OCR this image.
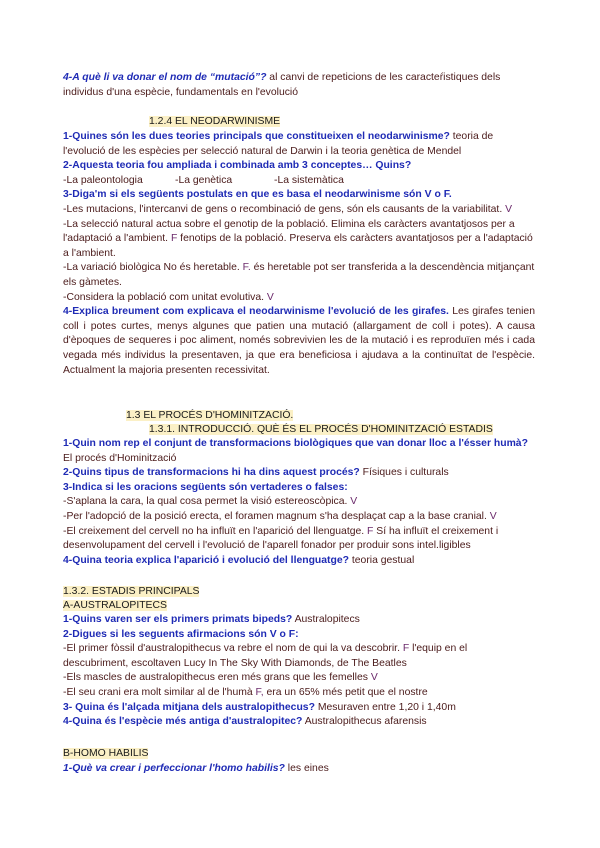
4-A què li va donar el nom de “mutació”? al canvi de repeticions de les caracteŕistiques dels individus d'una espècie, fundamentals en l'evolució
1.2.4 EL NEODARWINISME

1-Quines són les dues teories principals que constitueixen el neodarwinisme? teoria de l'evolució de les espècies per selecció natural de Darwin i la teoria genètica de Mendel

2-Aquesta teoria fou ampliada i combinada amb 3 conceptes… Quins?

-La paleontologia	-La genètica	-La sistemàtica

3-Diga'm si els següents postulats en que es basa el neodarwinisme són V o F.

-Les mutacions, l'intercanvi de gens o recombinació de gens, són els causants de la variabilitat. V

-La selecció natural actua sobre el genotip de la població. Elimina els caràcters avantatjosos per a l'adaptació a l'ambient. F fenotips de la població. Preserva els caràcters avantatjosos per a l'adaptació a l'ambient.

-La variació biològica No és heretable. F. és heretable pot ser transferida a la descendència mitjançant els gàmetes.

-Considera la població com unitat evolutiva. V

4-Explica breument com explicava el neodarwinisme l'evolució de les girafes. Les girafes tenien coll i potes curtes, menys algunes que patien una mutació (allargament de coll i potes). A causa d'èpoques de sequeres i poc aliment, només sobrevivien les de la mutació i es reproduïen més i cada vegada més individus la presentaven, ja que era beneficiosa i ajudava a la continuïtat de l'espècie. Actualment la majoria presenten recessivitat.

1.3 EL PROCÉS D'HOMINITZACIÓ.
1.3.1. INTRODUCCIÓ. QUÈ ÉS EL PROCÉS D'HOMINITZACIÓ ESTADIS

1-Quin nom rep el conjunt de transformacions biològiques que van donar lloc a l'ésser humà? El procés d'Hominització

2-Quins tipus de transformacions hi ha dins aquest procés? Físiques i culturals

3-Indica si les oracions següents són vertaderes o falses:

-S'aplana la cara, la qual cosa permet la visió estereoscòpica. V

-Per l'adopció de la posició erecta, el foramen magnum s'ha desplaçat cap a la base cranial. V

-El creixement del cervell no ha influït en l'aparició del llenguatge. F Sí ha influït el creixement i desenvolupament del cervell i l'evolució de l'aparell fonador per produir sons intel.ligibles

4-Quina teoria explica l'aparició i evolució del llenguatge? teoria gestual

1.3.2. ESTADIS PRINCIPALS
A-AUSTRALOPITECS

1-Quins varen ser els primers primats bipeds? Australopitecs

2-Digues si les seguents afirmacions són V o F:

-El primer fòssil d'australopithecus va rebre el nom de qui la va descobrir. F l'equip en el descubriment, escoltaven Lucy In The Sky With Diamonds, de The Beatles

-Els mascles de australopithecus eren més grans que les femelles V

-El seu crani era molt similar al de l'humà F, era un 65% més petit que el nostre

3- Quina és l'alçada mitjana dels australopithecus? Mesuraven entre 1,20 i 1,40m

4-Quina és l'espècie més antiga d'australopitec? Australopithecus afarensis

B-HOMO HABILIS

1-Què va crear i perfeccionar l'homo habilis? les eines
